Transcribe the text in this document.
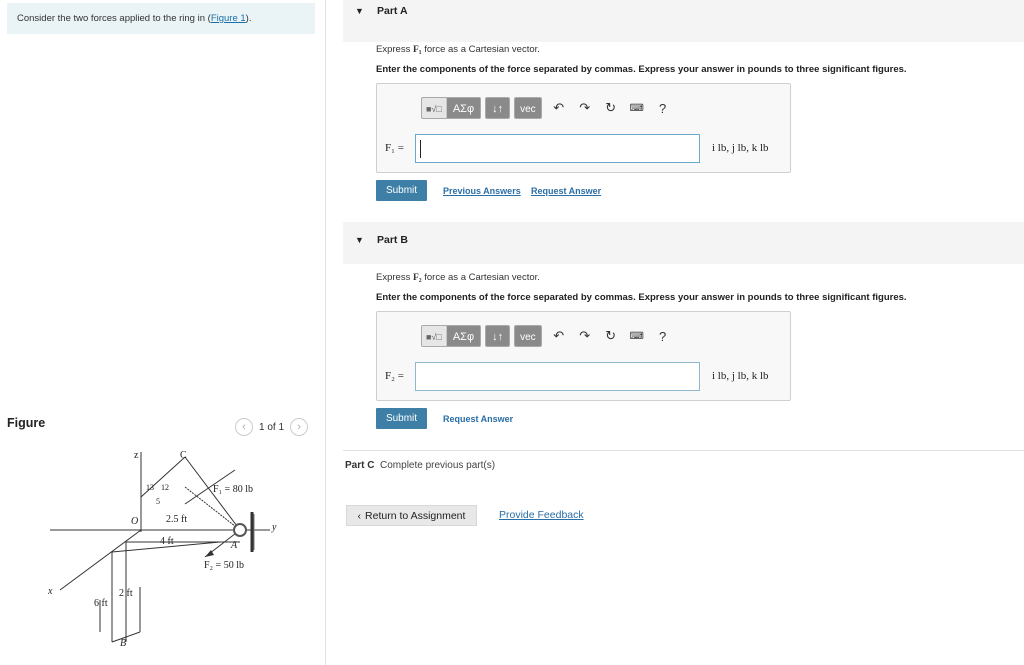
Consider the two forces applied to the ring in (Figure 1).
Figure	‹	1 of 1	›
z	C
13 12
5
F₁ = 80 lb
O	2.5 ft
4 ft
y
A
F₂ = 50 lb
x	2 ft
6 ft
B
▼ Part A
Express F₁ force as a Cartesian vector.
Enter the components of the force separated by commas. Express your answer in pounds to three significant figures.
■√□	AΣφ	↓↑	vec	↶	↷	↻	⌨	?
F₁ =	i lb, j lb, k lb
Submit	Previous Answers Request Answer
▼ Part B
Express F₂ force as a Cartesian vector.
Enter the components of the force separated by commas. Express your answer in pounds to three significant figures.
■√□	AΣφ	↓↑	vec	↶	↷	↻	⌨	?
F₂ =	i lb, j lb, k lb
Submit	Request Answer
Part C Complete previous part(s)
‹ Return to Assignment	Provide Feedback
